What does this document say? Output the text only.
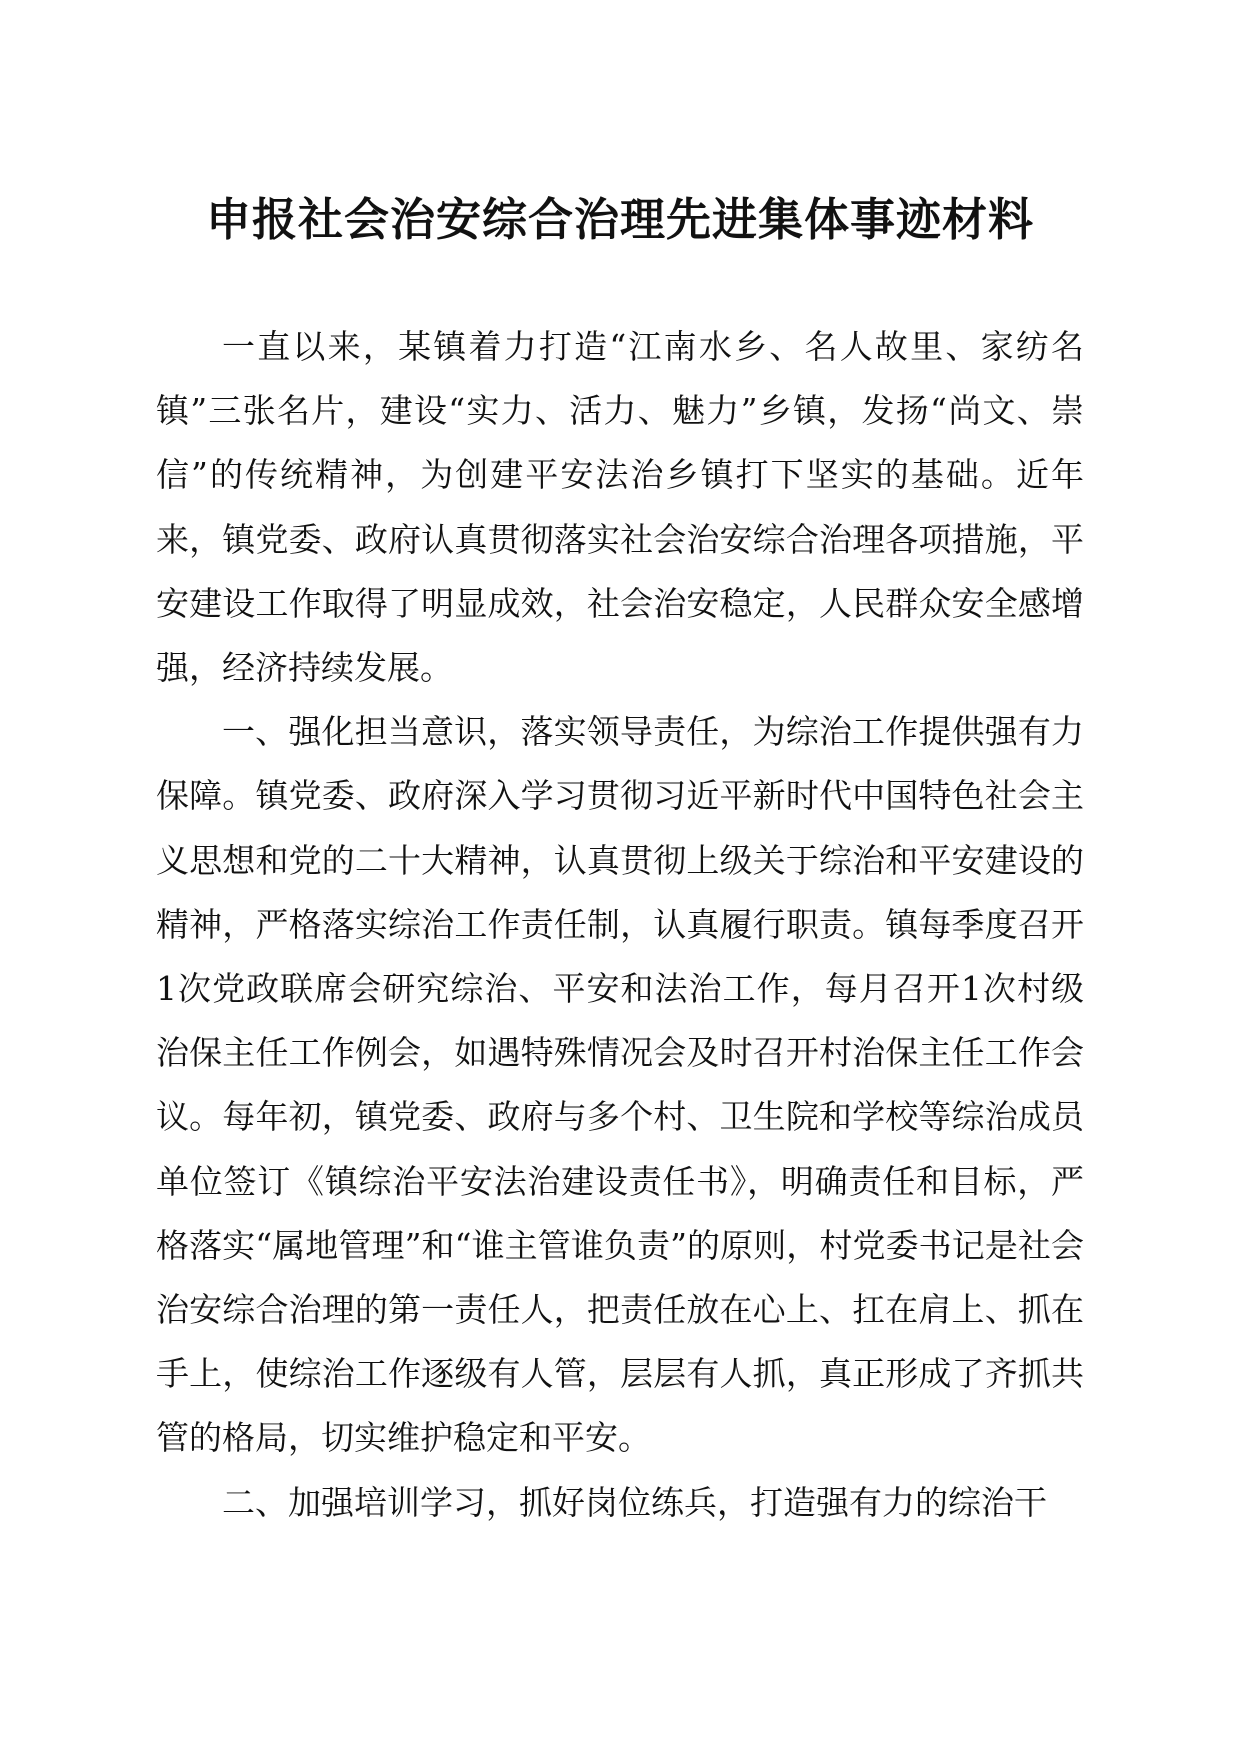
申报社会治安综合治理先进集体事迹材料

一直以来，某镇着力打造“江南水乡、名人故里、家纺名镇”三张名片，建设“实力、活力、魅力”乡镇，发扬“尚文、崇信”的传统精神，为创建平安法治乡镇打下坚实的基础。近年来，镇党委、政府认真贯彻落实社会治安综合治理各项措施，平安建设工作取得了明显成效，社会治安稳定，人民群众安全感增强，经济持续发展。

一、强化担当意识，落实领导责任，为综治工作提供强有力保障。镇党委、政府深入学习贯彻习近平新时代中国特色社会主义思想和党的二十大精神，认真贯彻上级关于综治和平安建设的精神，严格落实综治工作责任制，认真履行职责。镇每季度召开1次党政联席会研究综治、平安和法治工作，每月召开1次村级治保主任工作例会，如遇特殊情况会及时召开村治保主任工作会议。每年初，镇党委、政府与多个村、卫生院和学校等综治成员单位签订《镇综治平安法治建设责任书》，明确责任和目标，严格落实“属地管理”和“谁主管谁负责”的原则，村党委书记是社会治安综合治理的第一责任人，把责任放在心上、扛在肩上、抓在手上，使综治工作逐级有人管，层层有人抓，真正形成了齐抓共管的格局，切实维护稳定和平安。

二、加强培训学习，抓好岗位练兵，打造强有力的综治干
